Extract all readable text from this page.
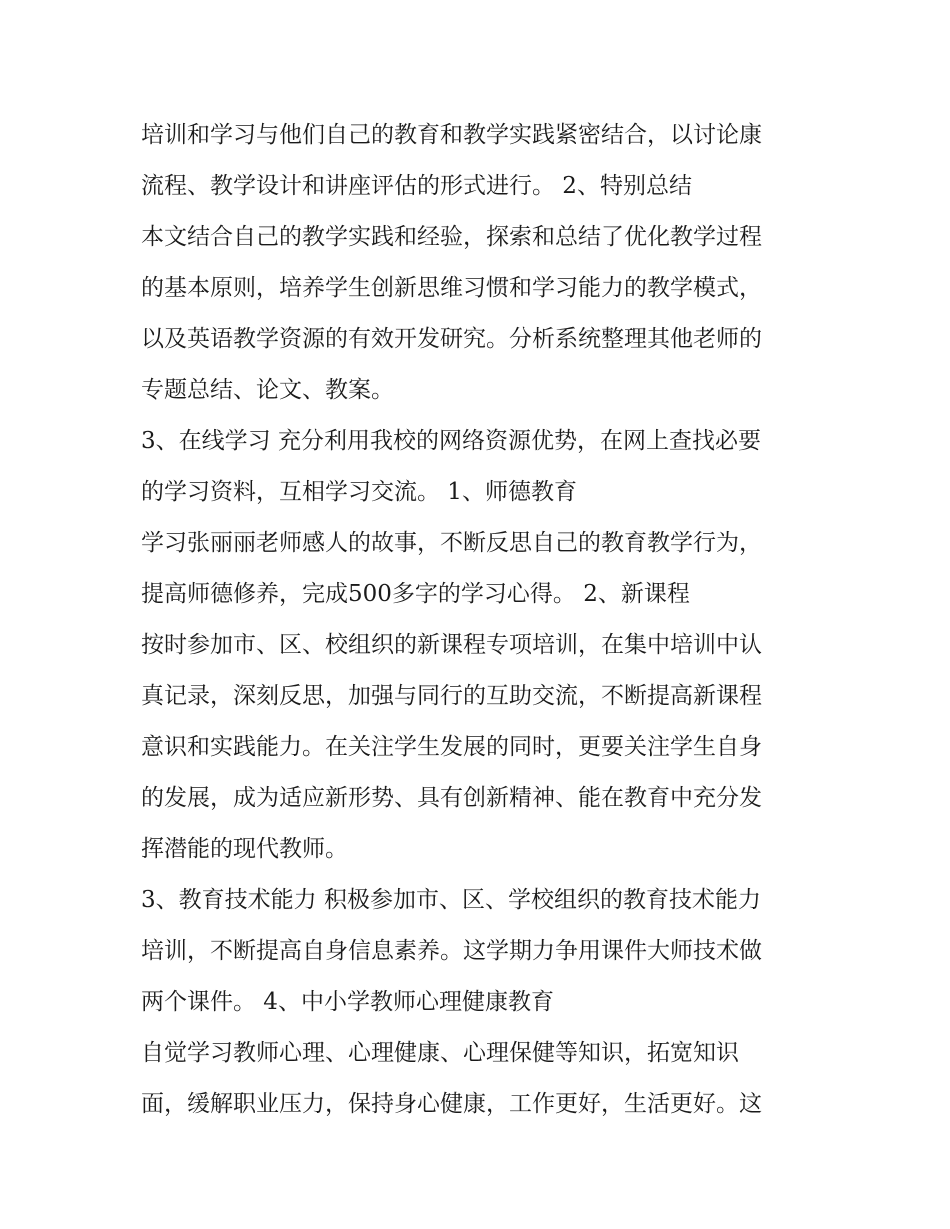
培训和学习与他们自己的教育和教学实践紧密结合，以讨论康
流程、教学设计和讲座评估的形式进行。 2、特别总结
本文结合自己的教学实践和经验，探索和总结了优化教学过程
的基本原则，培养学生创新思维习惯和学习能力的教学模式，
以及英语教学资源的有效开发研究。分析系统整理其他老师的
专题总结、论文、教案。
3、在线学习 充分利用我校的网络资源优势，在网上查找必要
的学习资料，互相学习交流。 1、师德教育
学习张丽丽老师感人的故事，不断反思自己的教育教学行为，
提高师德修养，完成500多字的学习心得。 2、新课程
按时参加市、区、校组织的新课程专项培训，在集中培训中认
真记录，深刻反思，加强与同行的互助交流，不断提高新课程
意识和实践能力。在关注学生发展的同时，更要关注学生自身
的发展，成为适应新形势、具有创新精神、能在教育中充分发
挥潜能的现代教师。
3、教育技术能力 积极参加市、区、学校组织的教育技术能力
培训，不断提高自身信息素养。这学期力争用课件大师技术做
两个课件。 4、中小学教师心理健康教育
自觉学习教师心理、心理健康、心理保健等知识，拓宽知识
面，缓解职业压力，保持身心健康，工作更好，生活更好。这
